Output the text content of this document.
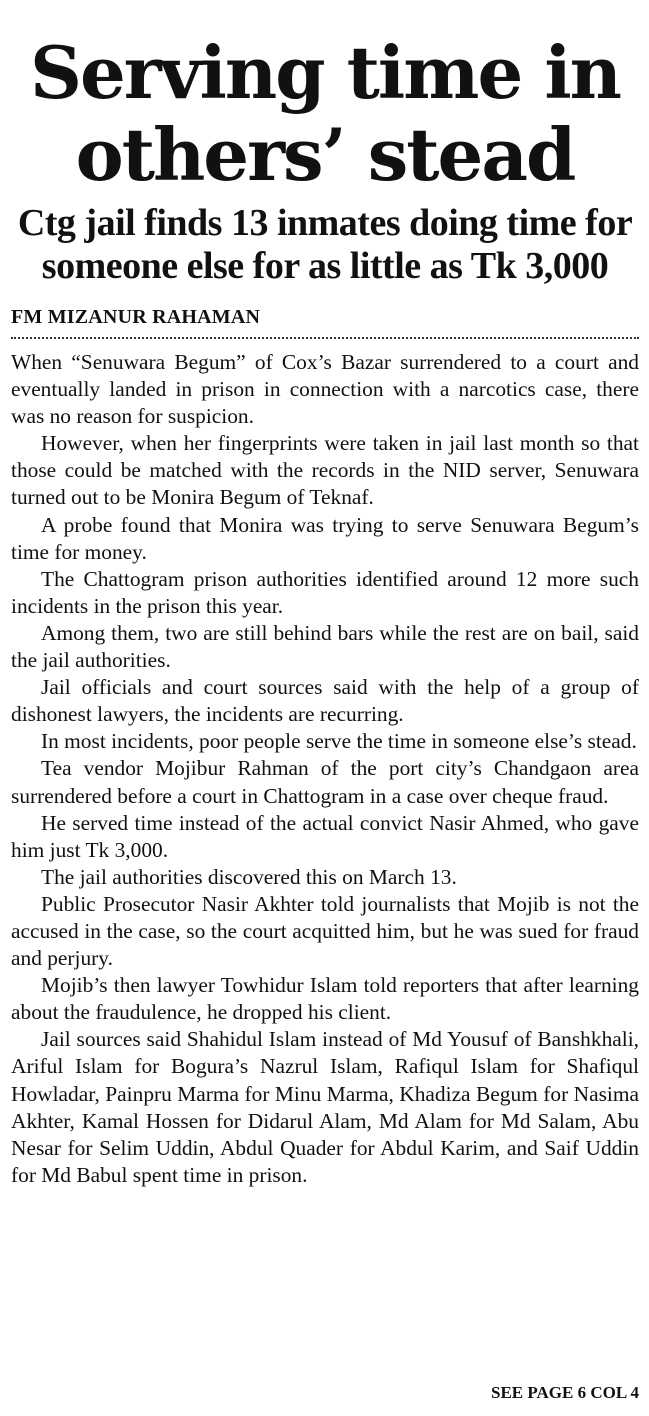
Serving time in others’ stead
Ctg jail finds 13 inmates doing time for someone else for as little as Tk 3,000
FM MIZANUR RAHAMAN

When “Senuwara Begum” of Cox’s Bazar surrendered to a court and eventually landed in prison in connection with a narcotics case, there was no reason for suspicion.

However, when her fingerprints were taken in jail last month so that those could be matched with the records in the NID server, Senuwara turned out to be Monira Begum of Teknaf.

A probe found that Monira was trying to serve Senuwara Begum’s time for money.

The Chattogram prison authorities identified around 12 more such incidents in the prison this year.

Among them, two are still behind bars while the rest are on bail, said the jail authorities.

Jail officials and court sources said with the help of a group of dishonest lawyers, the incidents are recurring.

In most incidents, poor people serve the time in someone else’s stead.

Tea vendor Mojibur Rahman of the port city’s Chandgaon area surrendered before a court in Chattogram in a case over cheque fraud.

He served time instead of the actual convict Nasir Ahmed, who gave him just Tk 3,000.

The jail authorities discovered this on March 13.

Public Prosecutor Nasir Akhter told journalists that Mojib is not the accused in the case, so the court acquitted him, but he was sued for fraud and perjury.

Mojib’s then lawyer Towhidur Islam told reporters that after learning about the fraudulence, he dropped his client.

Jail sources said Shahidul Islam instead of Md Yousuf of Banshkhali, Ariful Islam for Bogura’s Nazrul Islam, Rafiqul Islam for Shafiqul Howladar, Painpru Marma for Minu Marma, Khadiza Begum for Nasima Akhter, Kamal Hossen for Didarul Alam, Md Alam for Md Salam, Abu Nesar for Selim Uddin, Abdul Quader for Abdul Karim, and Saif Uddin for Md Babul spent time in prison.

SEE PAGE 6 COL 4
